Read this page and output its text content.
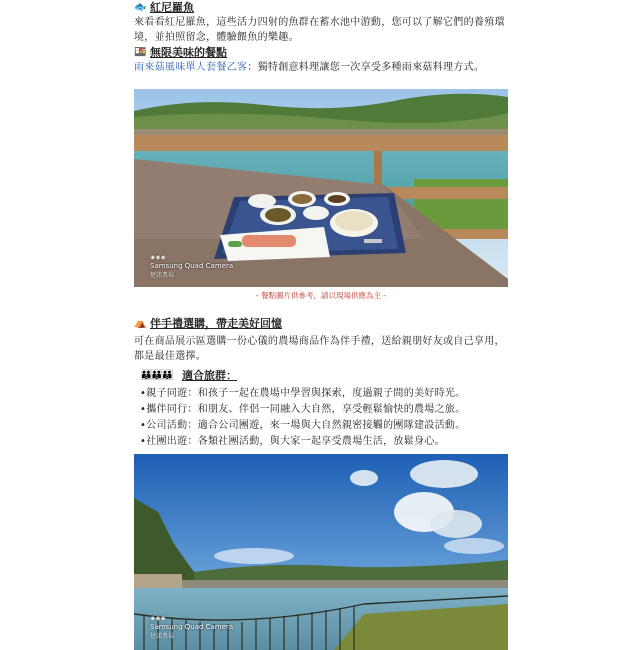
🐟 紅尼羅魚
來看看紅尼羅魚，這些活力四射的魚群在蓄水池中游動，您可以了解它們的養殖環境，並拍照留念，體驗餵魚的樂趣。
🍱 無限美味的餐點
雨來菇風味單人套餐乙客：獨特創意料理讓您一次享受多種雨來菇料理方式。
◉◉◉
Samsung Quad Camera
楚諾農場
- 餐點圖片供參考，請以現場供應為主 -
⛺ 伴手禮選購，帶走美好回憶
可在商品展示區選購一份心儀的農場商品作為伴手禮，送給親朋好友或自己享用，都是最佳選擇。
👪👪👪 適合旅群：
•親子同遊：和孩子一起在農場中學習與探索，度過親子間的美好時光。
•攜伴同行：和朋友、伴侶一同融入大自然，享受輕鬆愉快的農場之旅。
•公司活動：適合公司團遊，來一場與大自然親密接觸的團隊建設活動。
•社團出遊：各類社團活動，與大家一起享受農場生活，放鬆身心。
◉◉◉
Samsung Quad Camera
楚諾農場
